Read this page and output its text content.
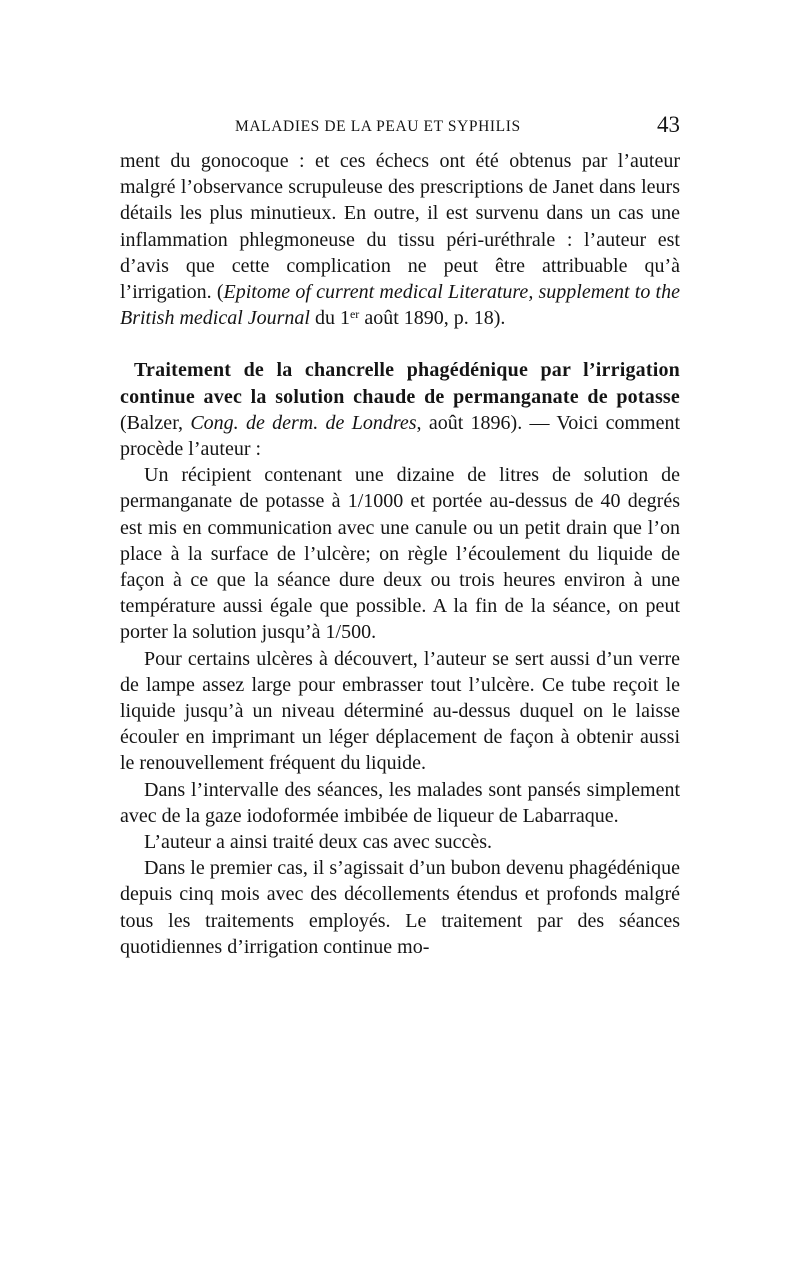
MALADIES DE LA PEAU ET SYPHILIS	43

ment du gonocoque : et ces échecs ont été obtenus par l’auteur malgré l’observance scrupuleuse des prescriptions de Janet dans leurs détails les plus minutieux. En outre, il est survenu dans un cas une inflammation phlegmoneuse du tissu péri-uréthrale : l’auteur est d’avis que cette complication ne peut être attribuable qu’à l’irrigation. (Epitome of current medical Literature, supplement to the British medical Journal du 1er août 1890, p. 18).

Traitement de la chancrelle phagédénique par l’irrigation continue avec la solution chaude de permanganate de potasse (Balzer, Cong. de derm. de Londres, août 1896). — Voici comment procède l’auteur :

Un récipient contenant une dizaine de litres de solution de permanganate de potasse à 1/1000 et portée au-dessus de 40 degrés est mis en communication avec une canule ou un petit drain que l’on place à la surface de l’ulcère; on règle l’écoulement du liquide de façon à ce que la séance dure deux ou trois heures environ à une température aussi égale que possible. A la fin de la séance, on peut porter la solution jusqu’à 1/500.

Pour certains ulcères à découvert, l’auteur se sert aussi d’un verre de lampe assez large pour embrasser tout l’ulcère. Ce tube reçoit le liquide jusqu’à un niveau déterminé au-dessus duquel on le laisse écouler en imprimant un léger déplacement de façon à obtenir aussi le renouvellement fréquent du liquide.

Dans l’intervalle des séances, les malades sont pansés simplement avec de la gaze iodoformée imbibée de liqueur de Labarraque.

L’auteur a ainsi traité deux cas avec succès.

Dans le premier cas, il s’agissait d’un bubon devenu phagédénique depuis cinq mois avec des décollements étendus et profonds malgré tous les traitements employés. Le traitement par des séances quotidiennes d’irrigation continue mo-
